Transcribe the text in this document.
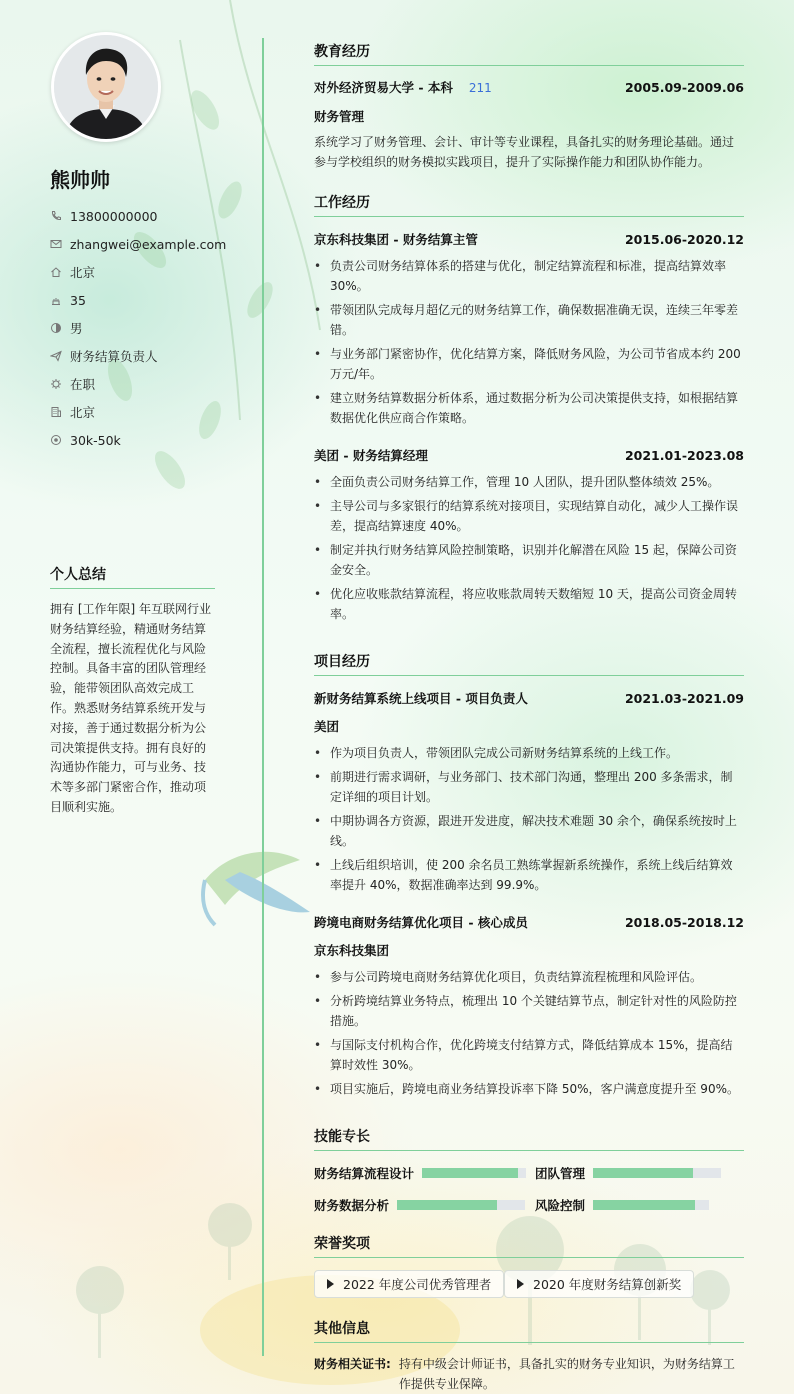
熊帅帅
13800000000
zhangwei@example.com
北京
35
男
财务结算负责人
在职
北京
30k-50k
个人总结
拥有 [工作年限] 年互联网行业财务结算经验，精通财务结算全流程，擅长流程优化与风险控制。具备丰富的团队管理经验，能带领团队高效完成工作。熟悉财务结算系统开发与对接，善于通过数据分析为公司决策提供支持。拥有良好的沟通协作能力，可与业务、技术等多部门紧密合作，推动项目顺利实施。
教育经历
对外经济贸易大学 - 本科 211	2005.09-2009.06
财务管理
系统学习了财务管理、会计、审计等专业课程，具备扎实的财务理论基础。通过参与学校组织的财务模拟实践项目，提升了实际操作能力和团队协作能力。
工作经历
京东科技集团 - 财务结算主管	2015.06-2020.12
• 负责公司财务结算体系的搭建与优化，制定结算流程和标准，提高结算效率 30%。
• 带领团队完成每月超亿元的财务结算工作，确保数据准确无误，连续三年零差错。
• 与业务部门紧密协作，优化结算方案，降低财务风险，为公司节省成本约 200 万元/年。
• 建立财务结算数据分析体系，通过数据分析为公司决策提供支持，如根据结算数据优化供应商合作策略。
美团 - 财务结算经理	2021.01-2023.08
• 全面负责公司财务结算工作，管理 10 人团队，提升团队整体绩效 25%。
• 主导公司与多家银行的结算系统对接项目，实现结算自动化，减少人工操作误差，提高结算速度 40%。
• 制定并执行财务结算风险控制策略，识别并化解潜在风险 15 起，保障公司资金安全。
• 优化应收账款结算流程，将应收账款周转天数缩短 10 天，提高公司资金周转率。
项目经历
新财务结算系统上线项目 - 项目负责人	2021.03-2021.09
美团
• 作为项目负责人，带领团队完成公司新财务结算系统的上线工作。
• 前期进行需求调研，与业务部门、技术部门沟通，整理出 200 多条需求，制定详细的项目计划。
• 中期协调各方资源，跟进开发进度，解决技术难题 30 余个，确保系统按时上线。
• 上线后组织培训，使 200 余名员工熟练掌握新系统操作，系统上线后结算效率提升 40%，数据准确率达到 99.9%。
跨境电商财务结算优化项目 - 核心成员	2018.05-2018.12
京东科技集团
• 参与公司跨境电商财务结算优化项目，负责结算流程梳理和风险评估。
• 分析跨境结算业务特点，梳理出 10 个关键结算节点，制定针对性的风险防控措施。
• 与国际支付机构合作，优化跨境支付结算方式，降低结算成本 15%，提高结算时效性 30%。
• 项目实施后，跨境电商业务结算投诉率下降 50%，客户满意度提升至 90%。
技能专长
财务结算流程设计	团队管理
财务数据分析	风险控制
荣誉奖项
2022 年度公司优秀管理者	2020 年度财务结算创新奖
其他信息
财务相关证书: 持有中级会计师证书，具备扎实的财务专业知识，为财务结算工作提供专业保障。
